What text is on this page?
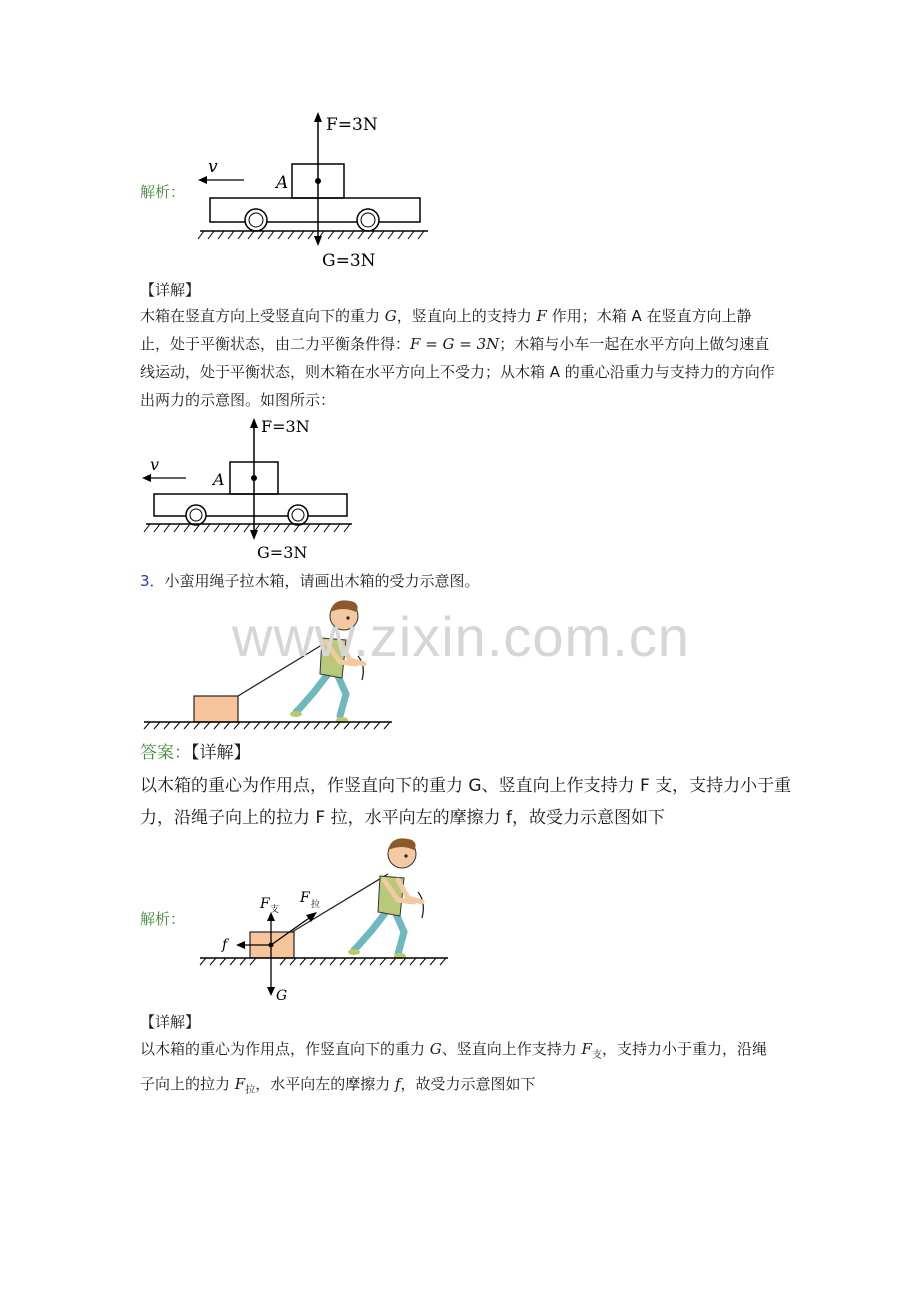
解析：
F=3N
A
v
G=3N
【详解】
木箱在竖直方向上受竖直向下的重力 G，竖直向上的支持力 F 作用；木箱 A 在竖直方向上静止，处于平衡状态，由二力平衡条件得：F = G = 3N；木箱与小车一起在水平方向上做匀速直线运动，处于平衡状态，则木箱在水平方向上不受力；从木箱 A 的重心沿重力与支持力的方向作出两力的示意图。如图所示：
F=3N
A
v
G=3N
3．小蛮用绳子拉木箱，请画出木箱的受力示意图。
www.zixin.com.cn
答案：【详解】
以木箱的重心为作用点，作竖直向下的重力 G、竖直向上作支持力 F 支，支持力小于重力，沿绳子向上的拉力 F 拉，水平向左的摩擦力 f，故受力示意图如下
解析：
F 支
F 拉
f
G
【详解】
以木箱的重心为作用点，作竖直向下的重力 G、竖直向上作支持力 $F_支$，支持力小于重力，沿绳子向上的拉力 $F_拉$，水平向左的摩擦力 f，故受力示意图如下
